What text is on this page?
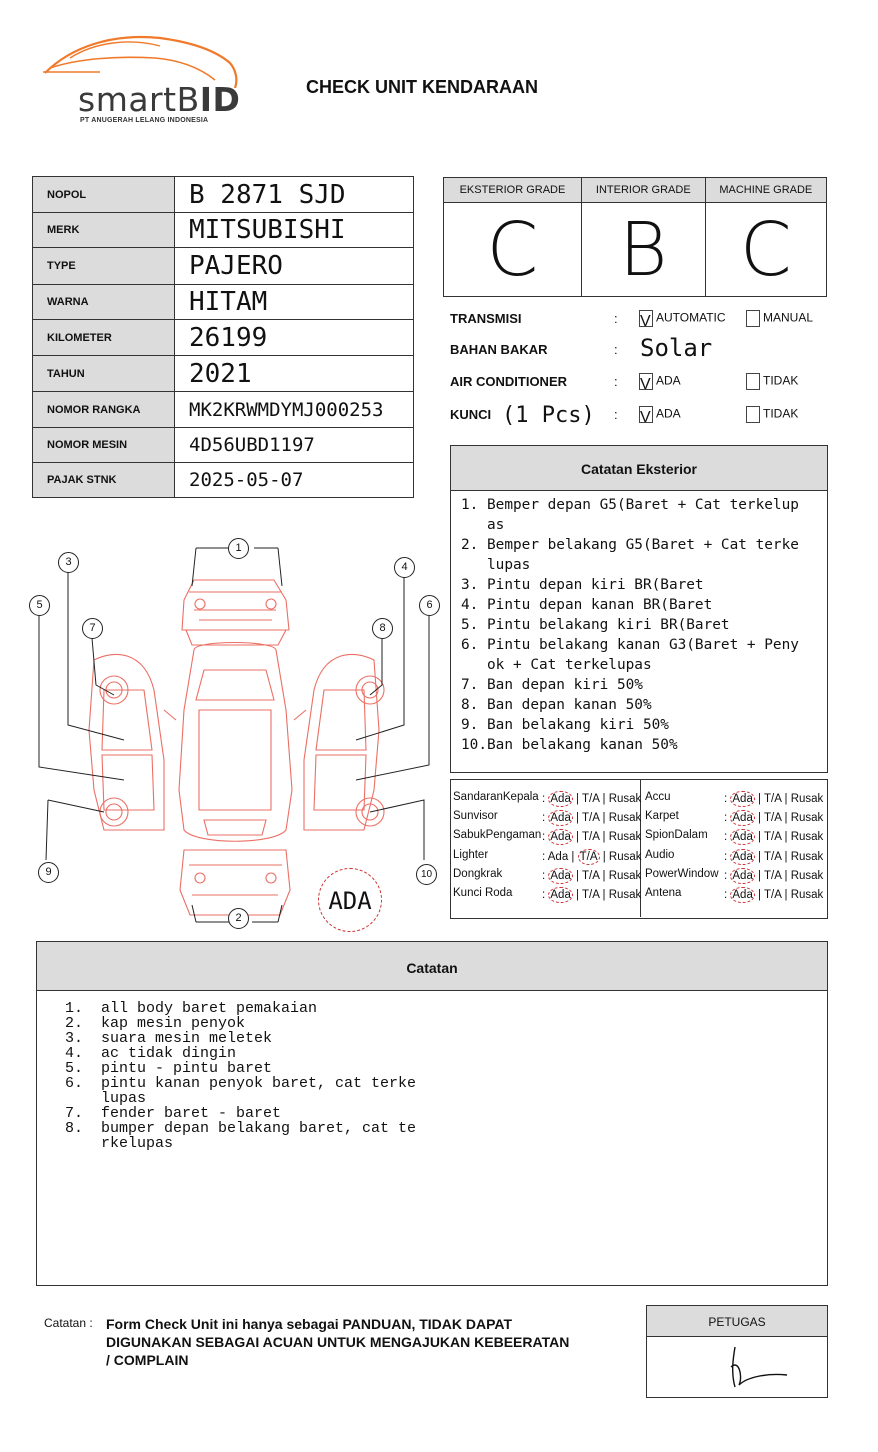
smartBID
PT ANUGERAH LELANG INDONESIA
CHECK UNIT KENDARAAN
NOPOL	B 2871 SJD
MERK	MITSUBISHI
TYPE	PAJERO
WARNA	HITAM
KILOMETER	26199
TAHUN	2021
NOMOR RANGKA	MK2KRWMDYMJ000253
NOMOR MESIN	4D56UBD1197
PAJAK STNK	2025-05-07
EKSTERIOR GRADE	INTERIOR GRADE	MACHINE GRADE
C	B	C
TRANSMISI	: V AUTOMATIC	MANUAL
BAHAN BAKAR	: Solar
AIR CONDITIONER	: V ADA	TIDAK
KUNCI (1 Pcs) : V ADA	TIDAK
Catatan Eksterior
1. Bemper depan G5(Baret + Cat terkelup
as
2. Bemper belakang G5(Baret + Cat terke
lupas
3. Pintu depan kiri BR(Baret
4. Pintu depan kanan BR(Baret
5. Pintu belakang kiri BR(Baret
6. Pintu belakang kanan G3(Baret + Peny
ok + Cat terkelupas
7. Ban depan kiri 50%
8. Ban depan kanan 50%
9. Ban belakang kiri 50%
10. Ban belakang kanan 50%
SandaranKepala : Ada | T/A | Rusak
Sunvisor	: Ada | T/A | Rusak
SabukPengaman : Ada | T/A | Rusak
Lighter	: Ada | T/A | Rusak
Dongkrak	: Ada | T/A | Rusak
Kunci Roda	: Ada | T/A | Rusak
Accu	: Ada | T/A | Rusak
Karpet	: Ada | T/A | Rusak
SpionDalam : Ada | T/A | Rusak
Audio	: Ada | T/A | Rusak
PowerWindow : Ada | T/A | Rusak
Antena	: Ada | T/A | Rusak
1
2
3	4
5	6
7	8
9	10
ADA
Catatan
1.	all body baret pemakaian
2.	kap mesin penyok
3.	suara mesin meletek
4.	ac tidak dingin
5.	pintu - pintu baret
6.	pintu kanan penyok baret, cat terke
lupas
7.	fender baret - baret
8.	bumper depan belakang baret, cat te
rkelupas
Catatan : Form Check Unit ini hanya sebagai PANDUAN, TIDAK DAPAT DIGUNAKAN SEBAGAI ACUAN UNTUK MENGAJUKAN KEBEERATAN / COMPLAIN
PETUGAS
